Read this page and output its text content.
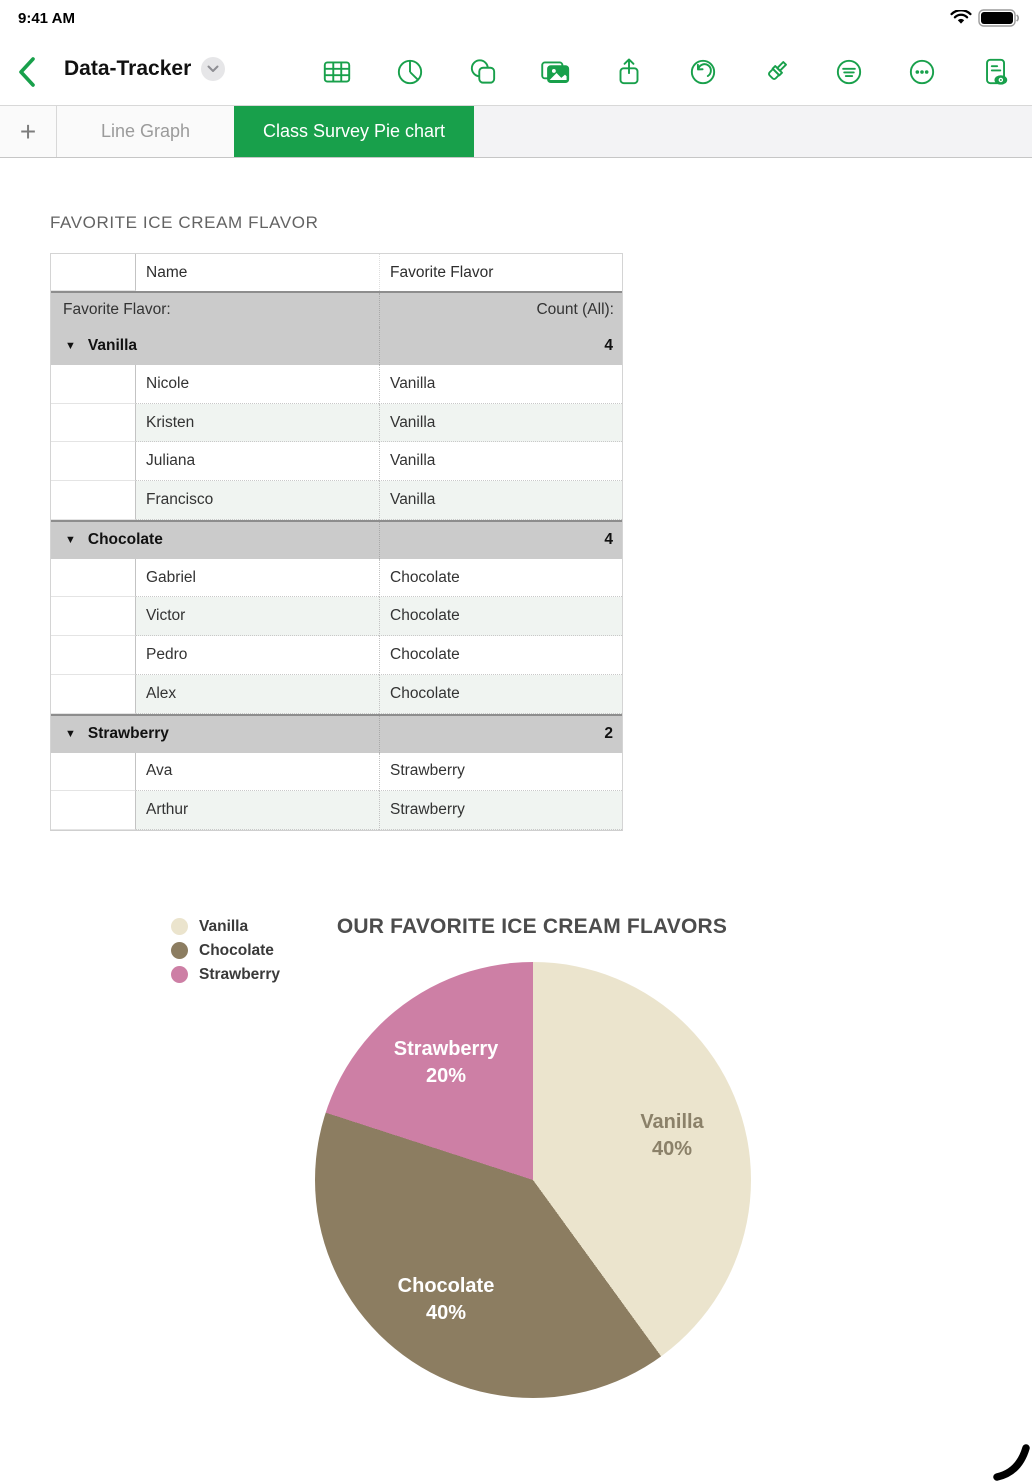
9:41 AM
Data-Tracker
+	Line Graph	Class Survey Pie chart
FAVORITE ICE CREAM FLAVOR
Name	Favorite Flavor
Favorite Flavor:	Count (All):
▼ Vanilla	4
Nicole	Vanilla
Kristen	Vanilla
Juliana	Vanilla
Francisco	Vanilla
▼ Chocolate	4
Gabriel	Chocolate
Victor	Chocolate
Pedro	Chocolate
Alex	Chocolate
▼ Strawberry	2
Ava	Strawberry
Arthur	Strawberry
OUR FAVORITE ICE CREAM FLAVORS
Vanilla
Chocolate
Strawberry
Strawberry
20%
Vanilla
40%
Chocolate
40%
